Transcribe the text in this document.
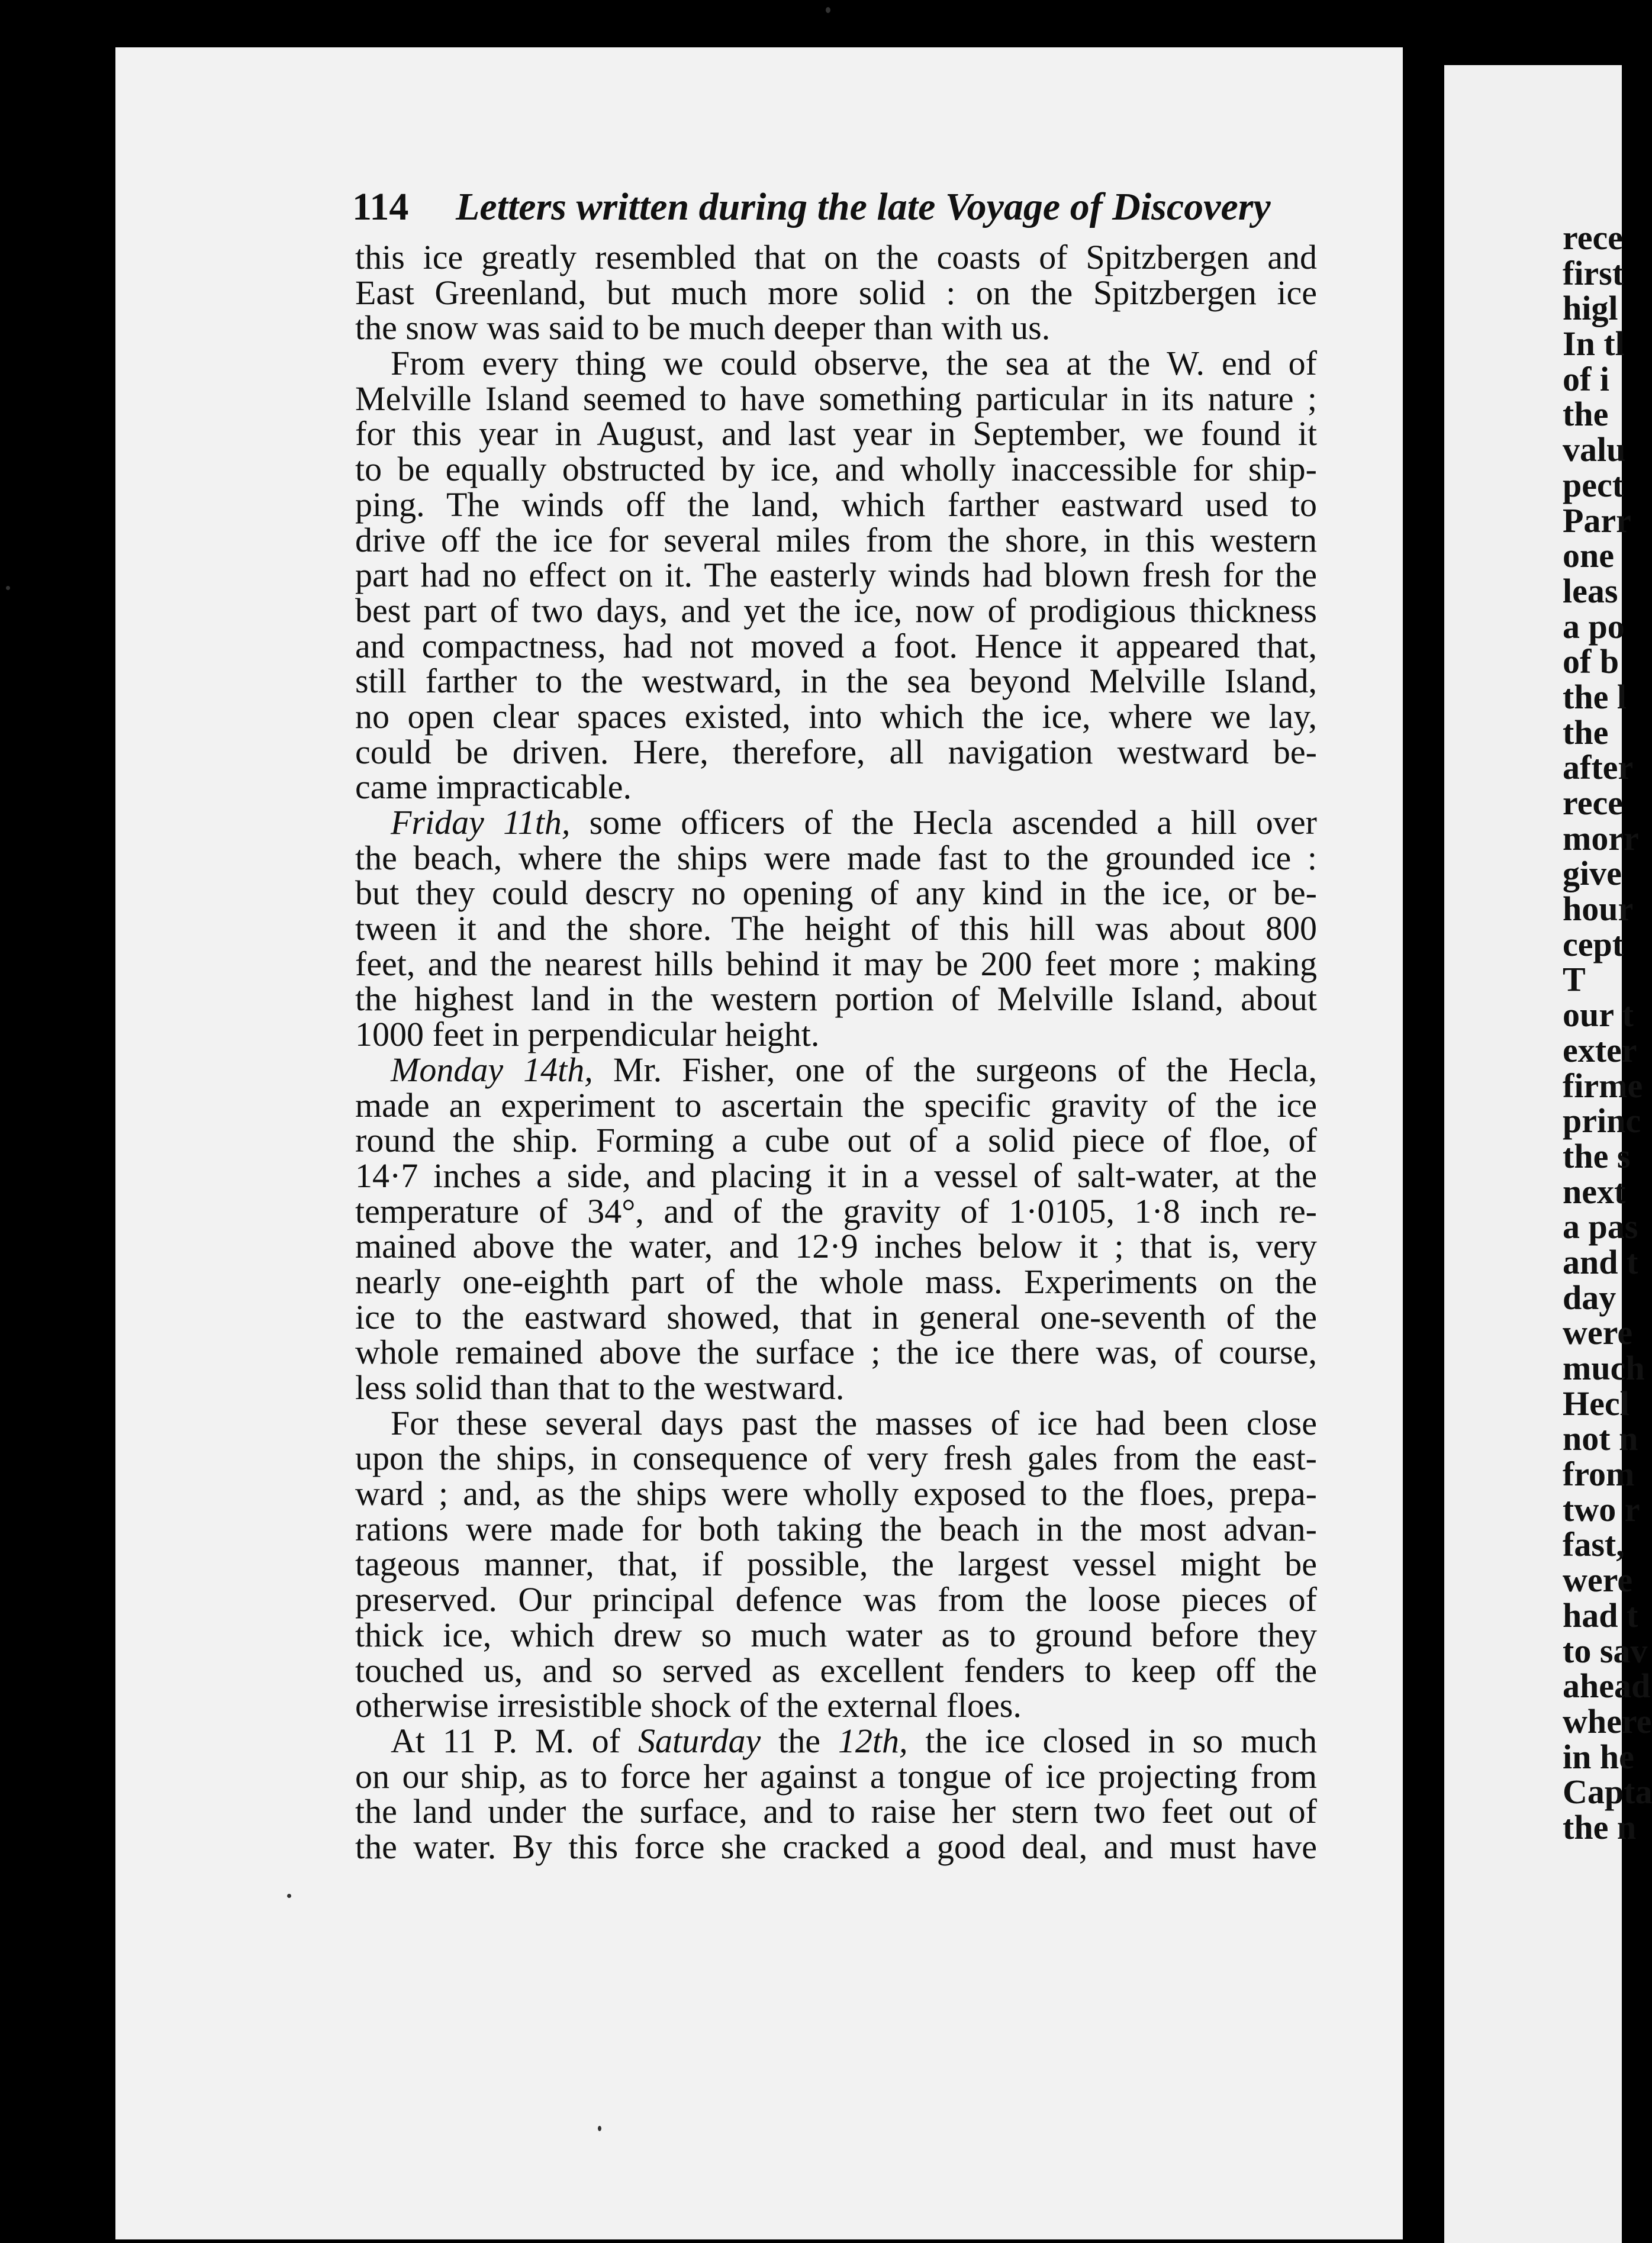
114 Letters written during the late Voyage of Discovery
this ice greatly resembled that on the coasts of Spitzbergen and
East Greenland, but much more solid : on the Spitzbergen ice
the snow was said to be much deeper than with us.
From every thing we could observe, the sea at the W. end of
Melville Island seemed to have something particular in its nature ;
for this year in August, and last year in September, we found it
to be equally obstructed by ice, and wholly inaccessible for ship-
ping. The winds off the land, which farther eastward used to
drive off the ice for several miles from the shore, in this western
part had no effect on it. The easterly winds had blown fresh for the
best part of two days, and yet the ice, now of prodigious thickness
and compactness, had not moved a foot. Hence it appeared that,
still farther to the westward, in the sea beyond Melville Island,
no open clear spaces existed, into which the ice, where we lay,
could be driven. Here, therefore, all navigation westward be-
came impracticable.
Friday 11th, some officers of the Hecla ascended a hill over
the beach, where the ships were made fast to the grounded ice :
but they could descry no opening of any kind in the ice, or be-
tween it and the shore. The height of this hill was about 800
feet, and the nearest hills behind it may be 200 feet more ; making
the highest land in the western portion of Melville Island, about
1000 feet in perpendicular height.
Monday 14th, Mr. Fisher, one of the surgeons of the Hecla,
made an experiment to ascertain the specific gravity of the ice
round the ship. Forming a cube out of a solid piece of floe, of
14·7 inches a side, and placing it in a vessel of salt-water, at the
temperature of 34°, and of the gravity of 1·0105, 1·8 inch re-
mained above the water, and 12·9 inches below it ; that is, very
nearly one-eighth part of the whole mass. Experiments on the
ice to the eastward showed, that in general one-seventh of the
whole remained above the surface ; the ice there was, of course,
less solid than that to the westward.
For these several days past the masses of ice had been close
upon the ships, in consequence of very fresh gales from the east-
ward ; and, as the ships were wholly exposed to the floes, prepa-
rations were made for both taking the beach in the most advan-
tageous manner, that, if possible, the largest vessel might be
preserved. Our principal defence was from the loose pieces of
thick ice, which drew so much water as to ground before they
touched us, and so served as excellent fenders to keep off the
otherwise irresistible shock of the external floes.
At 11 P. M. of Saturday the 12th, the ice closed in so much
on our ship, as to force her against a tongue of ice projecting from
the land under the surface, and to raise her stern two feet out of
the water. By this force she cracked a good deal, and must have
rece
first
higl
In tl
of i
the
valu
pect
Parr
one
leas
a po
of b
the l
the
after
rece
morr
give
hour
cept
T
our t
exter
firme
princ
the s
next
a pas
and t
day
were
much
Hecl
not n
from
two r
fast,
were
had t
to sav
ahead
where
in he
Capta
the n
